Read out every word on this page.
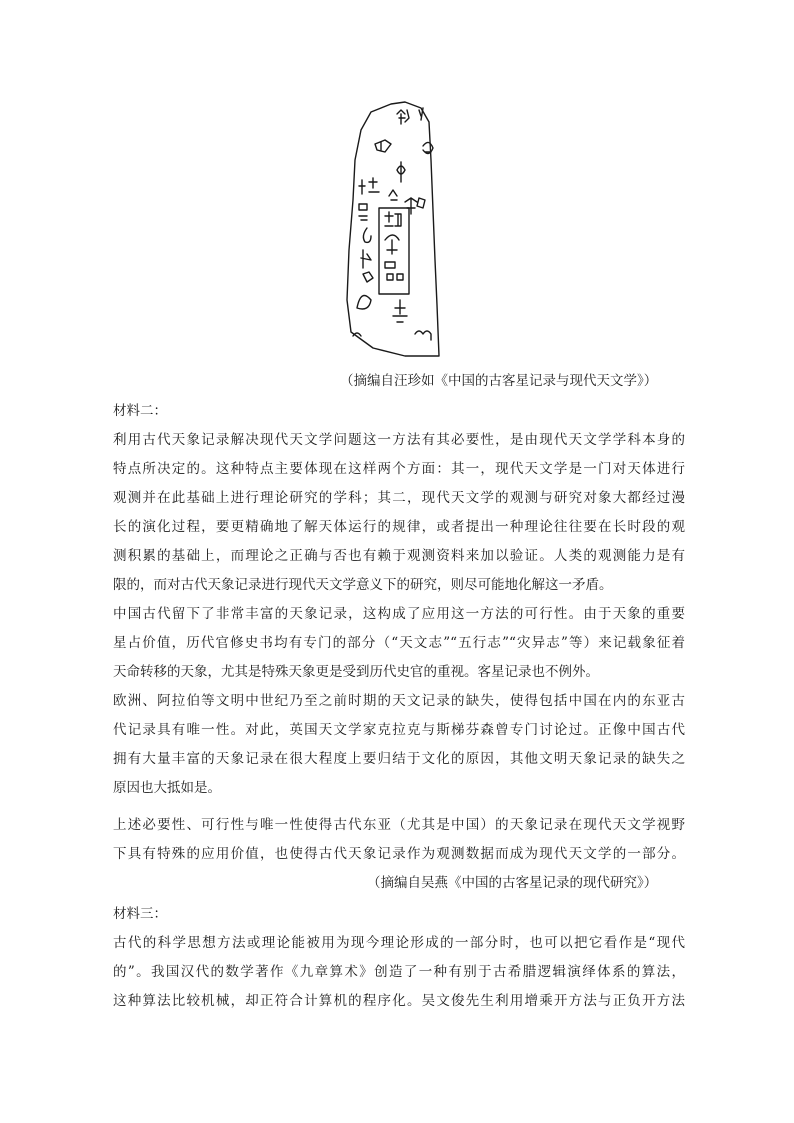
（摘编自汪珍如《中国的古客星记录与现代天文学》）
材料二：
利用古代天象记录解决现代天文学问题这一方法有其必要性，是由现代天文学学科本身的
特点所决定的。这种特点主要体现在这样两个方面：其一，现代天文学是一门对天体进行
观测并在此基础上进行理论研究的学科；其二，现代天文学的观测与研究对象大都经过漫
长的演化过程，要更精确地了解天体运行的规律，或者提出一种理论往往要在长时段的观
测积累的基础上，而理论之正确与否也有赖于观测资料来加以验证。人类的观测能力是有
限的，而对古代天象记录进行现代天文学意义下的研究，则尽可能地化解这一矛盾。
中国古代留下了非常丰富的天象记录，这构成了应用这一方法的可行性。由于天象的重要
星占价值，历代官修史书均有专门的部分（“天文志”“五行志”“灾异志”等）来记载象征着
天命转移的天象，尤其是特殊天象更是受到历代史官的重视。客星记录也不例外。
欧洲、阿拉伯等文明中世纪乃至之前时期的天文记录的缺失，使得包括中国在内的东亚古
代记录具有唯一性。对此，英国天文学家克拉克与斯梯芬森曾专门讨论过。正像中国古代
拥有大量丰富的天象记录在很大程度上要归结于文化的原因，其他文明天象记录的缺失之
原因也大抵如是。
上述必要性、可行性与唯一性使得古代东亚（尤其是中国）的天象记录在现代天文学视野
下具有特殊的应用价值，也使得古代天象记录作为观测数据而成为现代天文学的一部分。
（摘编自吴燕《中国的古客星记录的现代研究》）
材料三：
古代的科学思想方法或理论能被用为现今理论形成的一部分时，也可以把它看作是“现代
的”。我国汉代的数学著作《九章算术》创造了一种有别于古希腊逻辑演绎体系的算法，
这种算法比较机械，却正符合计算机的程序化。吴文俊先生利用增乘开方法与正负开方法
